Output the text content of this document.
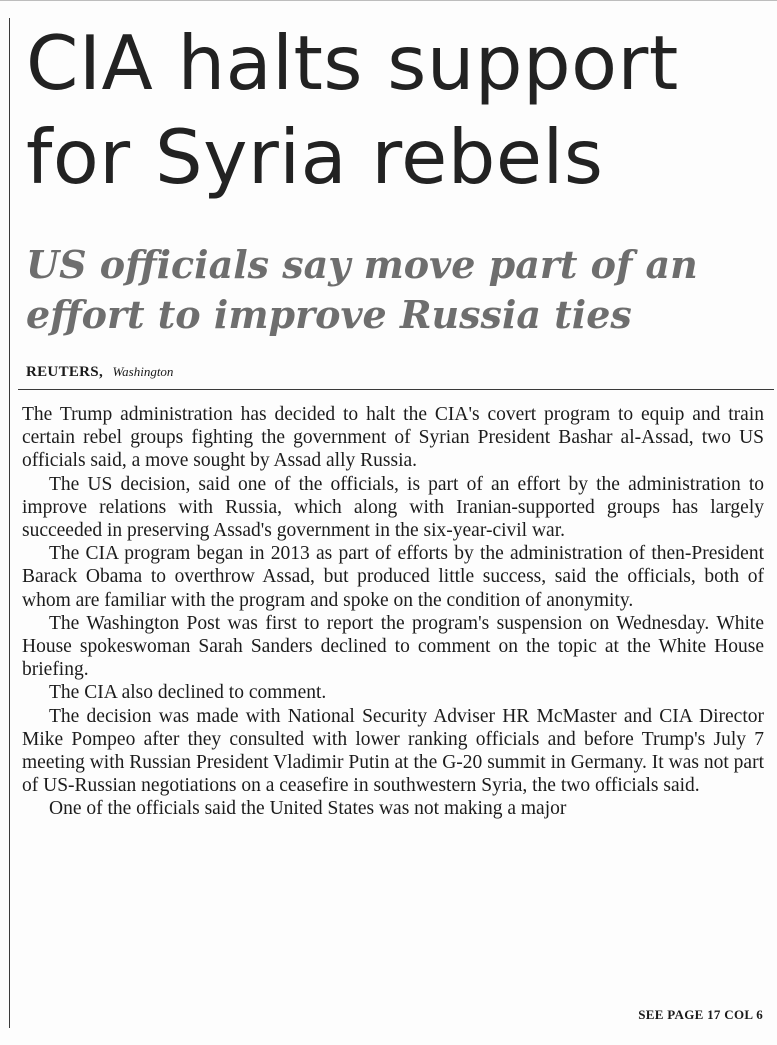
CIA halts support for Syria rebels
US officials say move part of an effort to improve Russia ties
REUTERS, Washington

The Trump administration has decided to halt the CIA's covert program to equip and train certain rebel groups fighting the government of Syrian President Bashar al-Assad, two US officials said, a move sought by Assad ally Russia.

The US decision, said one of the officials, is part of an effort by the administration to improve relations with Russia, which along with Iranian-supported groups has largely succeeded in preserving Assad's government in the six-year-civil war.

The CIA program began in 2013 as part of efforts by the administration of then-President Barack Obama to overthrow Assad, but produced little success, said the officials, both of whom are familiar with the program and spoke on the condition of anonymity.

The Washington Post was first to report the program's suspension on Wednesday. White House spokeswoman Sarah Sanders declined to comment on the topic at the White House briefing.

The CIA also declined to comment.

The decision was made with National Security Adviser HR McMaster and CIA Director Mike Pompeo after they consulted with lower ranking officials and before Trump's July 7 meeting with Russian President Vladimir Putin at the G-20 summit in Germany. It was not part of US-Russian negotiations on a ceasefire in southwestern Syria, the two officials said.

One of the officials said the United States was not making a major

SEE PAGE 17 COL 6
